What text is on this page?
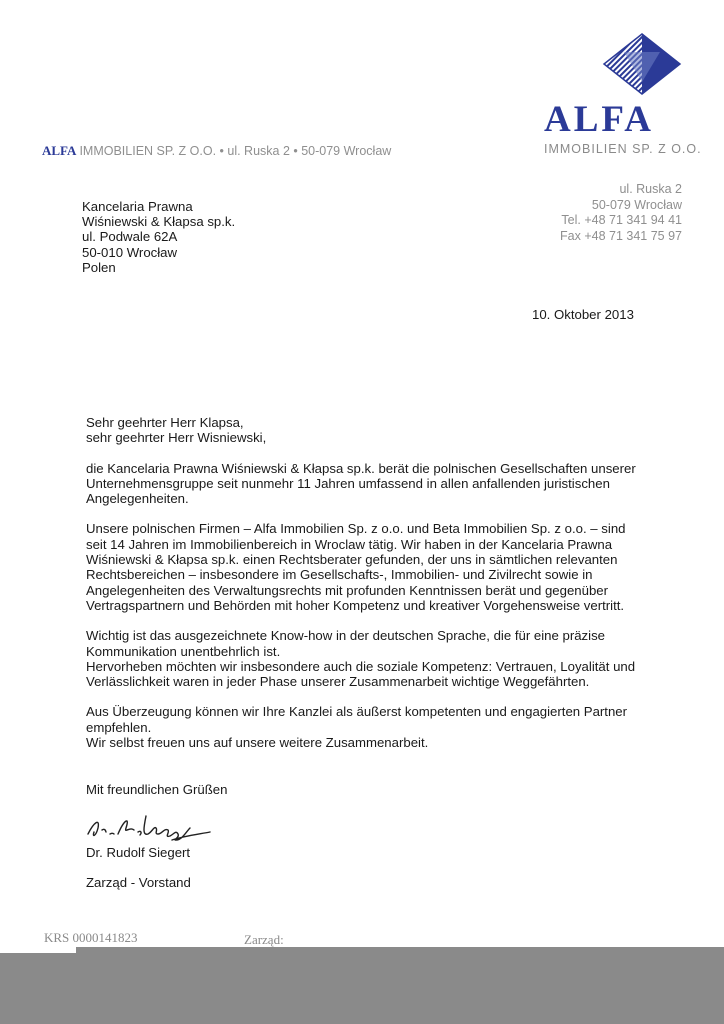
ALFA
IMMOBILIEN SP. Z O.O.
ALFA IMMOBILIEN SP. Z O.O. • ul. Ruska 2 • 50-079 Wrocław
Kancelaria Prawna
Wiśniewski & Kłapsa sp.k.
ul. Podwale 62A
50-010 Wrocław
Polen
ul. Ruska 2
50-079 Wrocław
Tel. +48 71 341 94 41
Fax +48 71 341 75 97
10. Oktober 2013

Sehr geehrter Herr Klapsa,
sehr geehrter Herr Wisniewski,

die Kancelaria Prawna Wiśniewski & Kłapsa sp.k. berät die polnischen Gesellschaften unserer Unternehmensgruppe seit nunmehr 11 Jahren umfassend in allen anfallenden juristischen Angelegenheiten.

Unsere polnischen Firmen – Alfa Immobilien Sp. z o.o. und Beta Immobilien Sp. z o.o. – sind seit 14 Jahren im Immobilienbereich in Wroclaw tätig. Wir haben in der Kancelaria Prawna Wiśniewski & Kłapsa sp.k. einen Rechtsberater gefunden, der uns in sämtlichen relevanten Rechtsbereichen – insbesondere im Gesellschafts-, Immobilien- und Zivilrecht sowie in Angelegenheiten des Verwaltungsrechts mit profunden Kenntnissen berät und gegenüber Vertragspartnern und Behörden mit hoher Kompetenz und kreativer Vorgehensweise vertritt.

Wichtig ist das ausgezeichnete Know-how in der deutschen Sprache, die für eine präzise Kommunikation unentbehrlich ist.

Hervorheben möchten wir insbesondere auch die soziale Kompetenz: Vertrauen, Loyalität und Verlässlichkeit waren in jeder Phase unserer Zusammenarbeit wichtige Weggefährten.

Aus Überzeugung können wir Ihre Kanzlei als äußerst kompetenten und engagierten Partner empfehlen.

Wir selbst freuen uns auf unsere weitere Zusammenarbeit.

Mit freundlichen Grüßen
Dr. Rudolf Siegert
Zarząd - Vorstand
KRS 0000141823	Zarząd:
